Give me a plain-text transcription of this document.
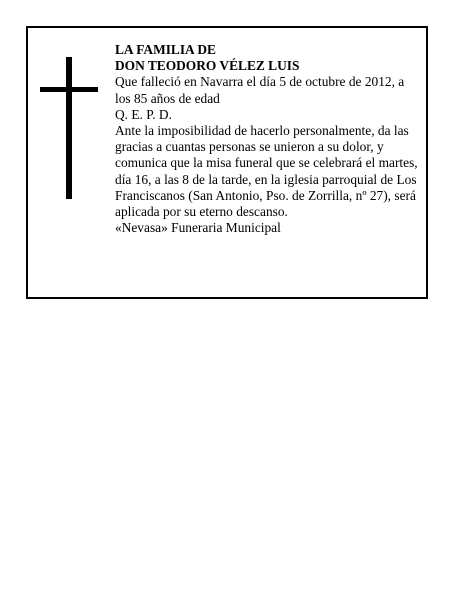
LA FAMILIA DE

DON TEODORO VÉLEZ LUIS

Que falleció en Navarra el día 5 de octubre de 2012, a los 85 años de edad

Q. E. P. D.

Ante la imposibilidad de hacerlo personalmente, da las gracias a cuantas personas se unieron a su dolor, y comunica que la misa funeral que se celebrará el martes, día 16, a las 8 de la tarde, en la iglesia parroquial de Los Franciscanos (San Antonio, Pso. de Zorrilla, nº 27), será aplicada por su eterno descanso.

«Nevasa» Funeraria Municipal
